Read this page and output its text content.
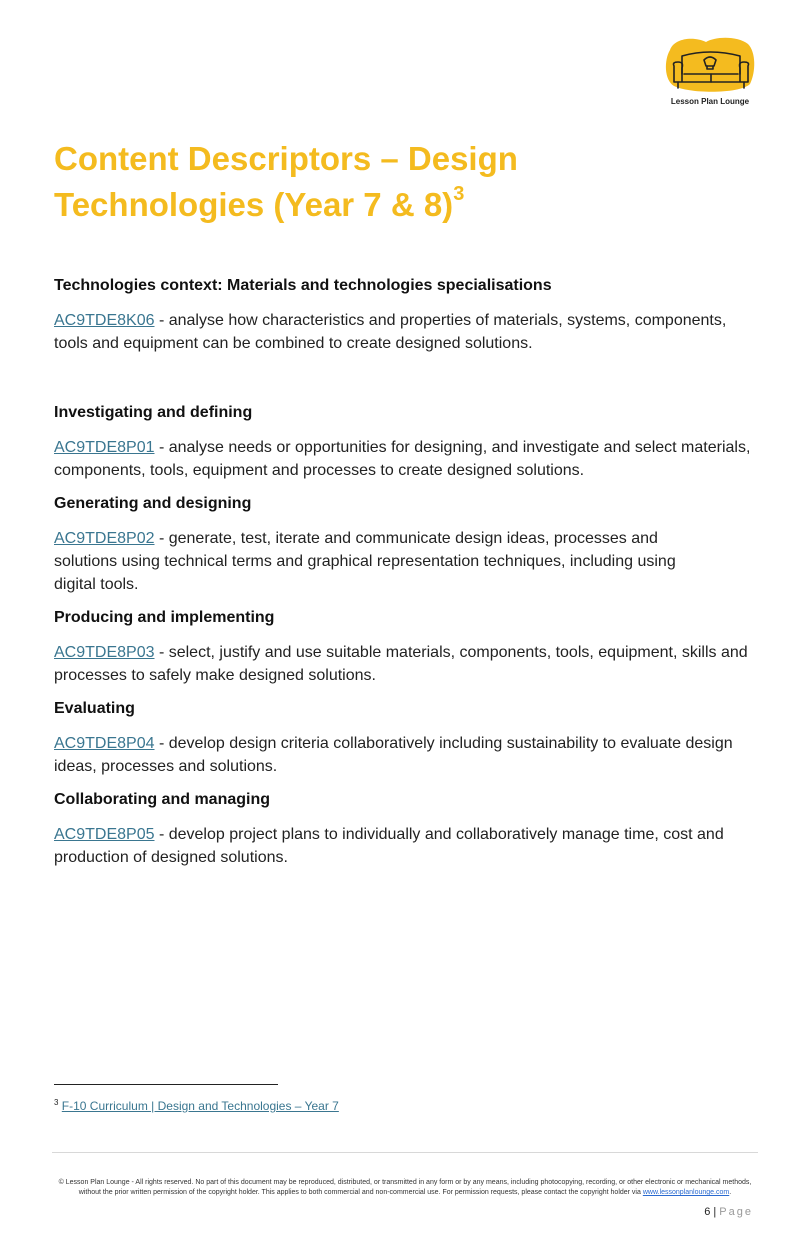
Lesson Plan Lounge
Content Descriptors – Design Technologies (Year 7 & 8)$^3$

Technologies context: Materials and technologies specialisations

AC9TDE8K06 - analyse how characteristics and properties of materials, systems, components, tools and equipment can be combined to create designed solutions.

Investigating and defining

AC9TDE8P01 - analyse needs or opportunities for designing, and investigate and select materials, components, tools, equipment and processes to create designed solutions.

Generating and designing

AC9TDE8P02 - generate, test, iterate and communicate design ideas, processes and solutions using technical terms and graphical representation techniques, including using digital tools.

Producing and implementing

AC9TDE8P03 - select, justify and use suitable materials, components, tools, equipment, skills and processes to safely make designed solutions.

Evaluating

AC9TDE8P04 - develop design criteria collaboratively including sustainability to evaluate design ideas, processes and solutions.

Collaborating and managing

AC9TDE8P05 - develop project plans to individually and collaboratively manage time, cost and production of designed solutions.

$^3$ F-10 Curriculum | Design and Technologies – Year 7
© Lesson Plan Lounge - All rights reserved. No part of this document may be reproduced, distributed, or transmitted in any form or by any means, including photocopying, recording, or other electronic or mechanical methods, without the prior written permission of the copyright holder. This applies to both commercial and non-commercial use. For permission requests, please contact the copyright holder via www.lessonplanlounge.com.
6 | Page
